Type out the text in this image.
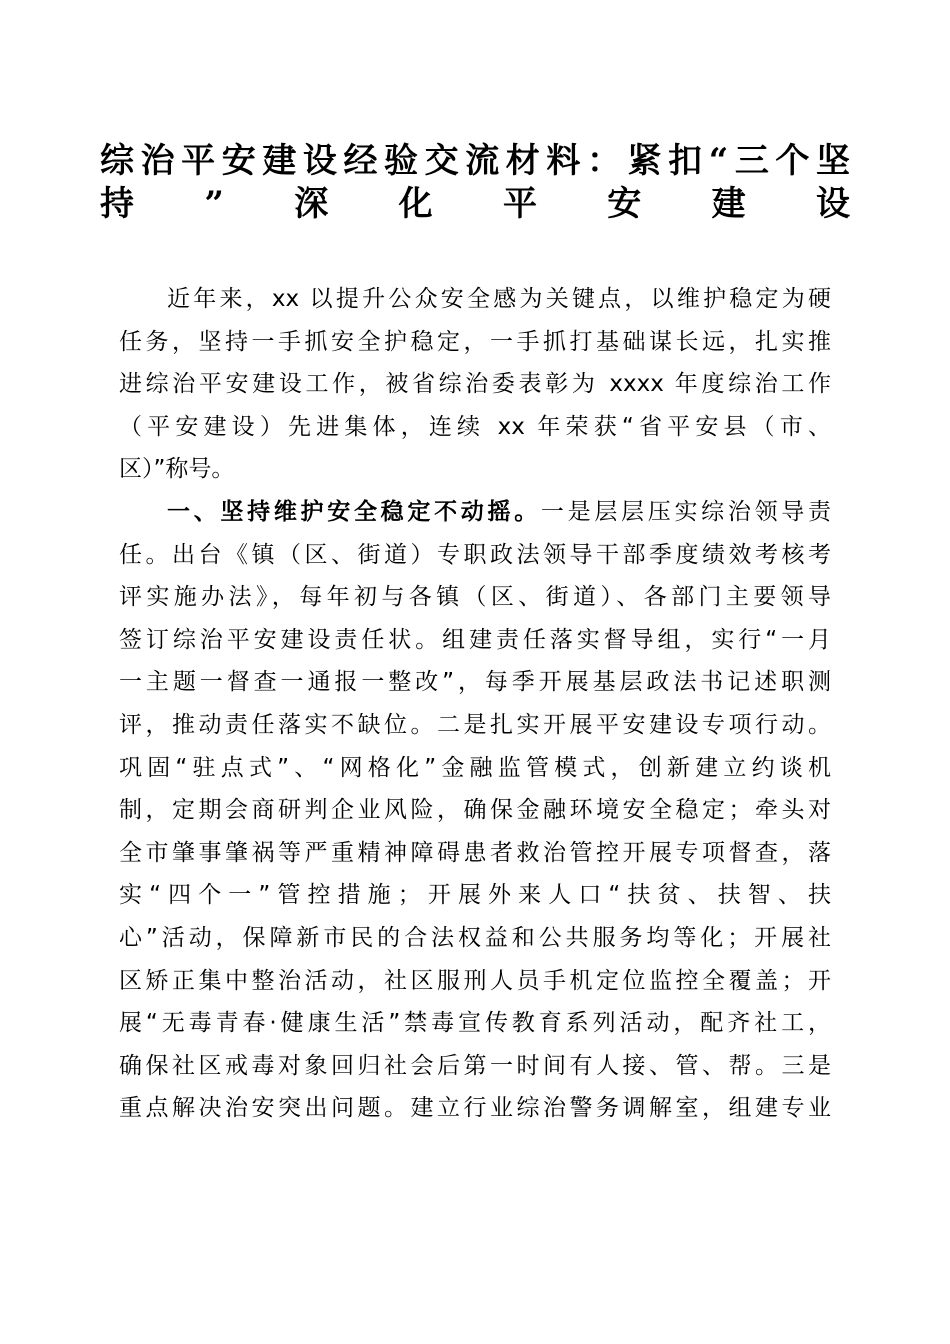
综治平安建设经验交流材料：紧扣“三个坚
持”深化平安建设
近年来，xx 以提升公众安全感为关键点，以维护稳定为硬
任务，坚持一手抓安全护稳定，一手抓打基础谋长远，扎实推
进综治平安建设工作，被省综治委表彰为 xxxx 年度综治工作
（平安建设）先进集体，连续 xx 年荣获“省平安县（市、
区）”称号。
一、坚持维护安全稳定不动摇。一是层层压实综治领导责
任。出台《镇（区、街道）专职政法领导干部季度绩效考核考
评实施办法》，每年初与各镇（区、街道）、各部门主要领导
签订综治平安建设责任状。组建责任落实督导组，实行“一月
一主题一督查一通报一整改”，每季开展基层政法书记述职测
评，推动责任落实不缺位。二是扎实开展平安建设专项行动。
巩固“驻点式”、“网格化”金融监管模式，创新建立约谈机
制，定期会商研判企业风险，确保金融环境安全稳定；牵头对
全市肇事肇祸等严重精神障碍患者救治管控开展专项督查，落
实“四个一”管控措施；开展外来人口“扶贫、扶智、扶
心”活动，保障新市民的合法权益和公共服务均等化；开展社
区矫正集中整治活动，社区服刑人员手机定位监控全覆盖；开
展“无毒青春·健康生活”禁毒宣传教育系列活动，配齐社工，
确保社区戒毒对象回归社会后第一时间有人接、管、帮。三是
重点解决治安突出问题。建立行业综治警务调解室，组建专业
